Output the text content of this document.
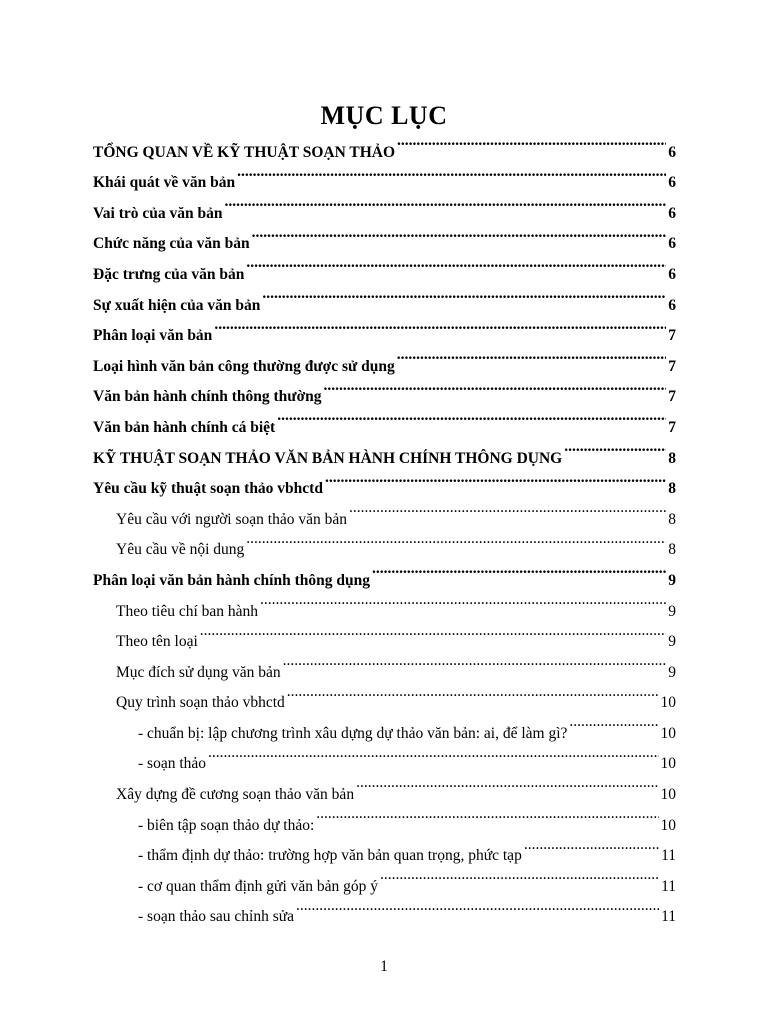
MỤC LỤC
TỔNG QUAN VỀ KỸ THUẬT SOẠN THẢO .....	6
Khái quát về văn bản .....	6
Vai trò của văn bản .....	6
Chức năng của văn bản .....	6
Đặc trưng của văn bản .....	6
Sự xuất hiện của văn bản .....	6
Phân loại văn bản .....	7
Loại hình văn bản công thường được sử dụng .....	7
Văn bản hành chính thông thường .....	7
Văn bản hành chính cá biệt .....	7
KỸ THUẬT SOẠN THẢO VĂN BẢN HÀNH CHÍNH THÔNG DỤNG .....	8
Yêu cầu kỹ thuật soạn thảo vbhctd .....	8
Yêu cầu với người soạn thảo văn bản .....	8
Yêu cầu về nội dung .....	8
Phân loại văn bản hành chính thông dụng .....	9
Theo tiêu chí ban hành .....	9
Theo tên loại .....	9
Mục đích sử dụng văn bản .....	9
Quy trình soạn thảo vbhctd .....	10
- chuẩn bị: lập chương trình xâu dựng dự thảo văn bản: ai, để làm gì? .....	10
- soạn thảo .....	10
Xây dựng đề cương soạn thảo văn bản .....	10
- biên tập soạn thảo dự thảo: .....	10
- thẩm định dự thảo: trường hợp văn bản quan trọng, phức tạp .....	11
- cơ quan thẩm định gửi văn bản góp ý .....	11
- soạn thảo sau chỉnh sửa .....	11
1
